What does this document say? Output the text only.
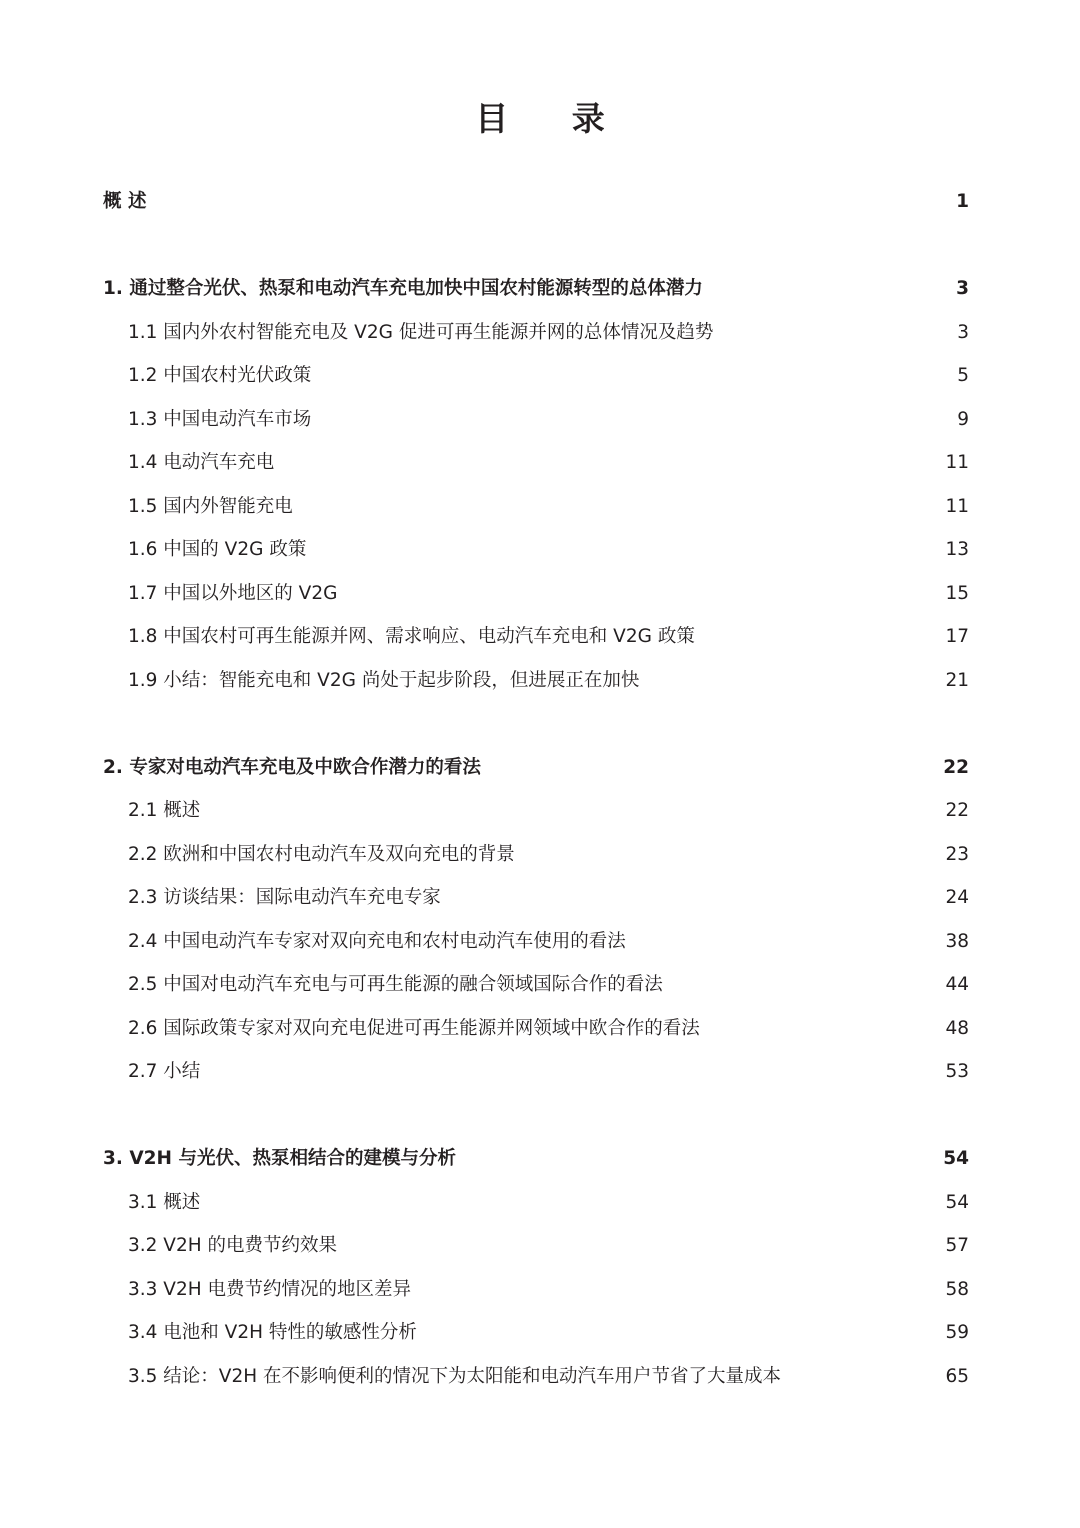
目 录
概 述	1
1. 通过整合光伏、热泵和电动汽车充电加快中国农村能源转型的总体潜力	3
1.1 国内外农村智能充电及 V2G 促进可再生能源并网的总体情况及趋势	3
1.2 中国农村光伏政策	5
1.3 中国电动汽车市场	9
1.4 电动汽车充电	11
1.5 国内外智能充电	11
1.6 中国的 V2G 政策	13
1.7 中国以外地区的 V2G	15
1.8 中国农村可再生能源并网、需求响应、电动汽车充电和 V2G 政策	17
1.9 小结：智能充电和 V2G 尚处于起步阶段，但进展正在加快	21
2. 专家对电动汽车充电及中欧合作潜力的看法	22
2.1 概述	22
2.2 欧洲和中国农村电动汽车及双向充电的背景	23
2.3 访谈结果：国际电动汽车充电专家	24
2.4 中国电动汽车专家对双向充电和农村电动汽车使用的看法	38
2.5 中国对电动汽车充电与可再生能源的融合领域国际合作的看法	44
2.6 国际政策专家对双向充电促进可再生能源并网领域中欧合作的看法	48
2.7 小结	53
3. V2H 与光伏、热泵相结合的建模与分析	54
3.1 概述	54
3.2 V2H 的电费节约效果	57
3.3 V2H 电费节约情况的地区差异	58
3.4 电池和 V2H 特性的敏感性分析	59
3.5 结论：V2H 在不影响便利的情况下为太阳能和电动汽车用户节省了大量成本	65
